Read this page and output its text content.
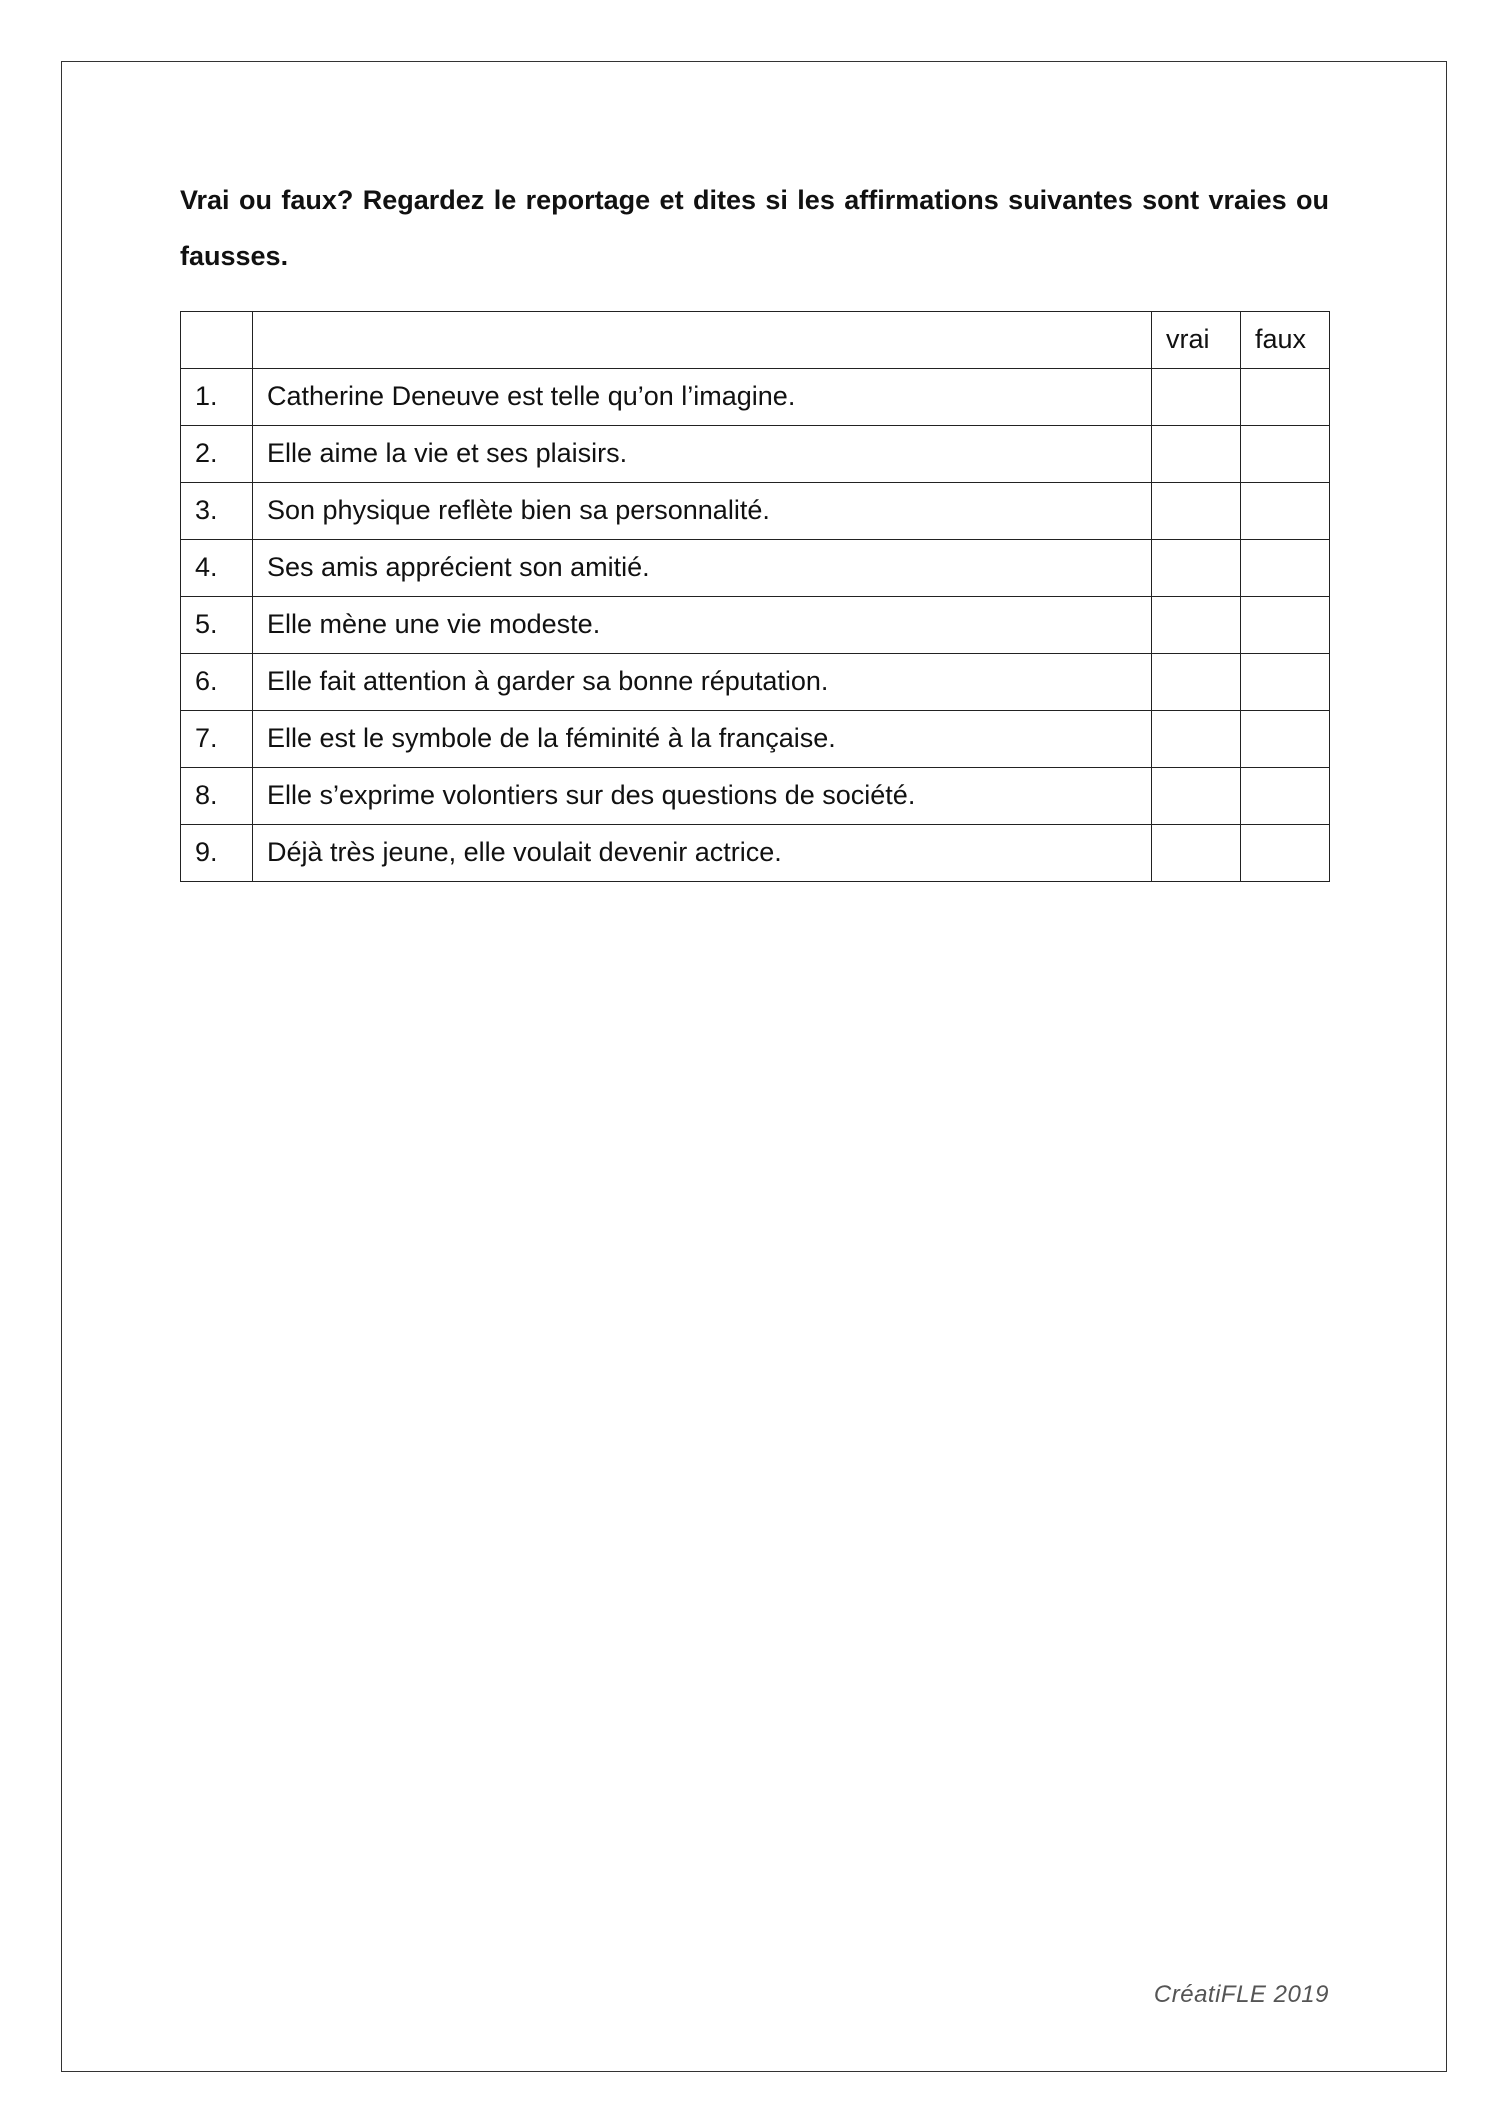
Vrai ou faux? Regardez le reportage et dites si les affirmations suivantes sont vraies ou fausses.

		vrai	faux
1.	Catherine Deneuve est telle qu’on l’imagine.		
2.	Elle aime la vie et ses plaisirs.		
3.	Son physique reflète bien sa personnalité.		
4.	Ses amis apprécient son amitié.		
5.	Elle mène une vie modeste.		
6.	Elle fait attention à garder sa bonne réputation.		
7.	Elle est le symbole de la féminité à la française.		
8.	Elle s’exprime volontiers sur des questions de société.		
9.	Déjà très jeune, elle voulait devenir actrice.		
CréatiFLE 2019
